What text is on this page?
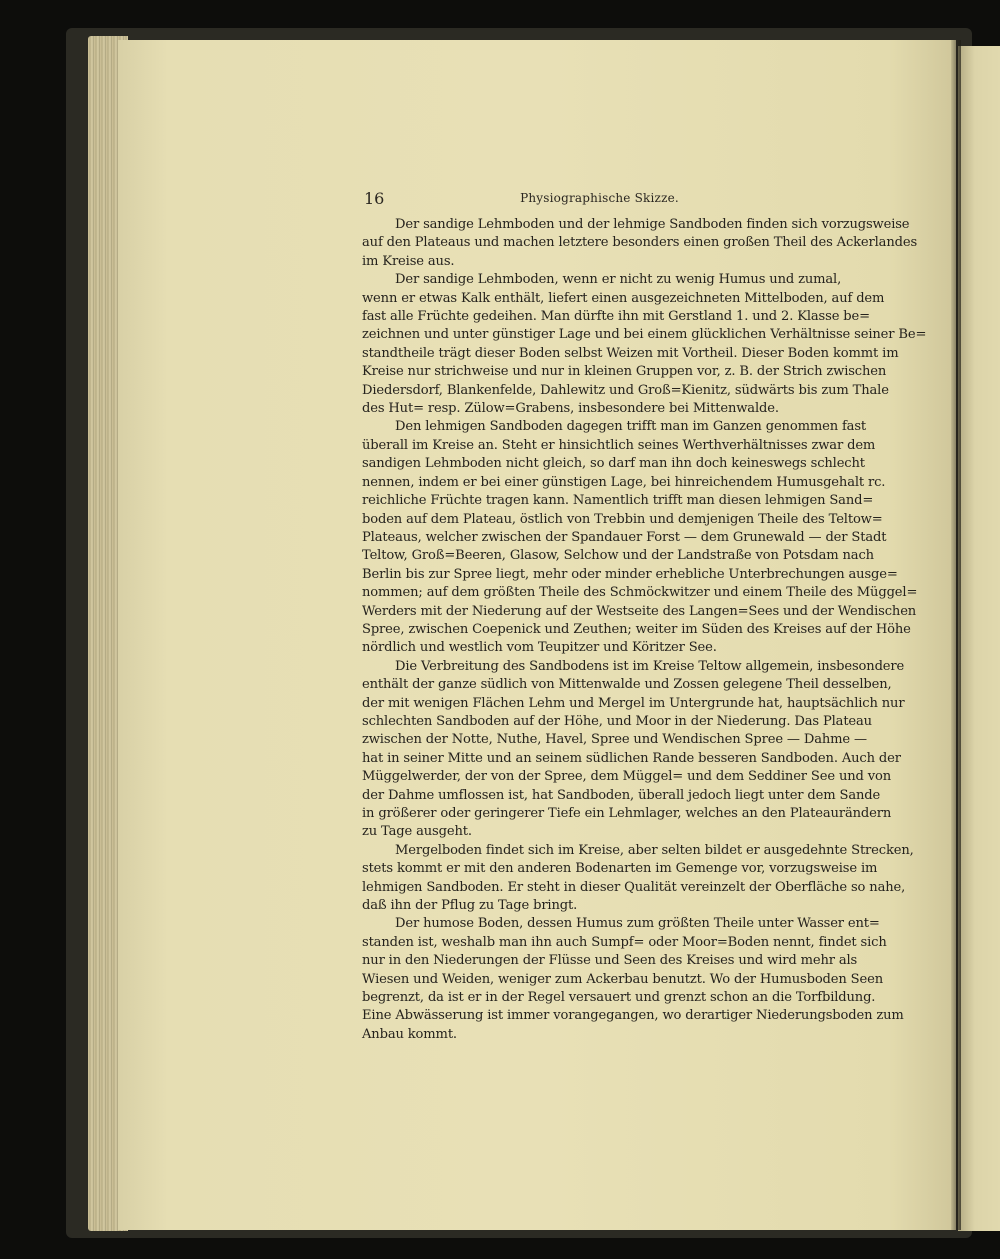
16	Physiographische Skizze.
Der sandige Lehmboden und der lehmige Sandboden finden sich vorzugsweise
auf den Plateaus und machen letztere besonders einen großen Theil des Ackerlandes
im Kreise aus.
Der sandige Lehmboden, wenn er nicht zu wenig Humus und zumal,
wenn er etwas Kalk enthält, liefert einen ausgezeichneten Mittelboden, auf dem
fast alle Früchte gedeihen. Man dürfte ihn mit Gerstland 1. und 2. Klasse be=
zeichnen und unter günstiger Lage und bei einem glücklichen Verhältnisse seiner Be=
standtheile trägt dieser Boden selbst Weizen mit Vortheil. Dieser Boden kommt im
Kreise nur strichweise und nur in kleinen Gruppen vor, z. B. der Strich zwischen
Diedersdorf, Blankenfelde, Dahlewitz und Groß=Kienitz, südwärts bis zum Thale
des Hut= resp. Zülow=Grabens, insbesondere bei Mittenwalde.
Den lehmigen Sandboden dagegen trifft man im Ganzen genommen fast
überall im Kreise an. Steht er hinsichtlich seines Werthverhältnisses zwar dem
sandigen Lehmboden nicht gleich, so darf man ihn doch keineswegs schlecht
nennen, indem er bei einer günstigen Lage, bei hinreichendem Humusgehalt rc.
reichliche Früchte tragen kann. Namentlich trifft man diesen lehmigen Sand=
boden auf dem Plateau, östlich von Trebbin und demjenigen Theile des Teltow=
Plateaus, welcher zwischen der Spandauer Forst — dem Grunewald — der Stadt
Teltow, Groß=Beeren, Glasow, Selchow und der Landstraße von Potsdam nach
Berlin bis zur Spree liegt, mehr oder minder erhebliche Unterbrechungen ausge=
nommen; auf dem größten Theile des Schmöckwitzer und einem Theile des Müggel=
Werders mit der Niederung auf der Westseite des Langen=Sees und der Wendischen
Spree, zwischen Coepenick und Zeuthen; weiter im Süden des Kreises auf der Höhe
nördlich und westlich vom Teupitzer und Köritzer See.
Die Verbreitung des Sandbodens ist im Kreise Teltow allgemein, insbesondere
enthält der ganze südlich von Mittenwalde und Zossen gelegene Theil desselben,
der mit wenigen Flächen Lehm und Mergel im Untergrunde hat, hauptsächlich nur
schlechten Sandboden auf der Höhe, und Moor in der Niederung. Das Plateau
zwischen der Notte, Nuthe, Havel, Spree und Wendischen Spree — Dahme —
hat in seiner Mitte und an seinem südlichen Rande besseren Sandboden. Auch der
Müggelwerder, der von der Spree, dem Müggel= und dem Seddiner See und von
der Dahme umflossen ist, hat Sandboden, überall jedoch liegt unter dem Sande
in größerer oder geringerer Tiefe ein Lehmlager, welches an den Plateaurändern
zu Tage ausgeht.
Mergelboden findet sich im Kreise, aber selten bildet er ausgedehnte Strecken,
stets kommt er mit den anderen Bodenarten im Gemenge vor, vorzugsweise im
lehmigen Sandboden. Er steht in dieser Qualität vereinzelt der Oberfläche so nahe,
daß ihn der Pflug zu Tage bringt.
Der humose Boden, dessen Humus zum größten Theile unter Wasser ent=
standen ist, weshalb man ihn auch Sumpf= oder Moor=Boden nennt, findet sich
nur in den Niederungen der Flüsse und Seen des Kreises und wird mehr als
Wiesen und Weiden, weniger zum Ackerbau benutzt. Wo der Humusboden Seen
begrenzt, da ist er in der Regel versauert und grenzt schon an die Torfbildung.
Eine Abwässerung ist immer vorangegangen, wo derartiger Niederungsboden zum
Anbau kommt.
